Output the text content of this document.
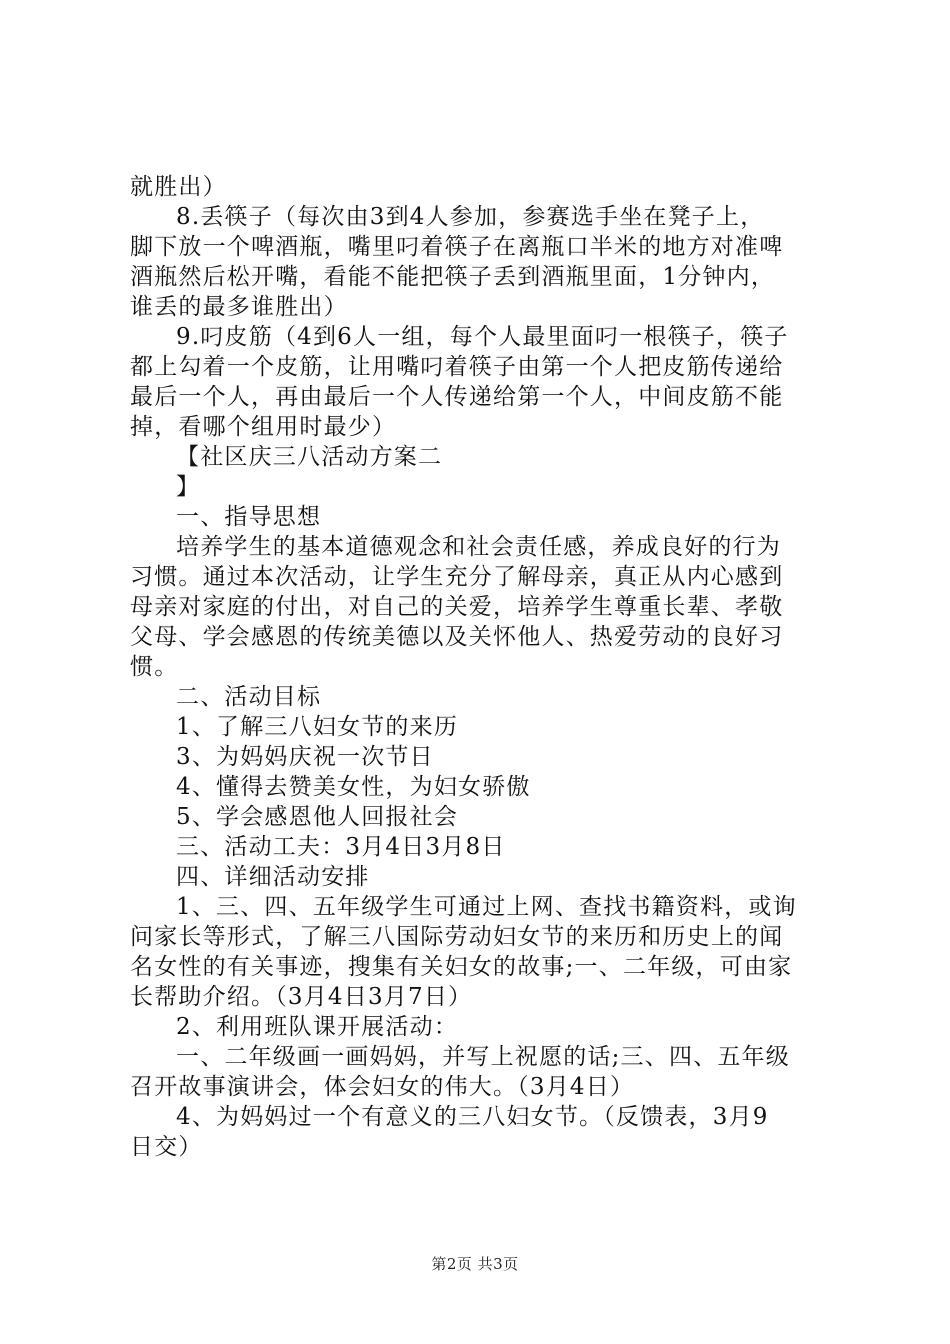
就胜出）
8.丢筷子（每次由3到4人参加，参赛选手坐在凳子上，
脚下放一个啤酒瓶，嘴里叼着筷子在离瓶口半米的地方对准啤
酒瓶然后松开嘴，看能不能把筷子丢到酒瓶里面，1分钟内，
谁丢的最多谁胜出）
9.叼皮筋（4到6人一组，每个人最里面叼一根筷子，筷子
都上勾着一个皮筋，让用嘴叼着筷子由第一个人把皮筋传递给
最后一个人，再由最后一个人传递给第一个人，中间皮筋不能
掉，看哪个组用时最少）
【社区庆三八活动方案二
】
一、指导思想
培养学生的基本道德观念和社会责任感，养成良好的行为
习惯。通过本次活动，让学生充分了解母亲，真正从内心感到
母亲对家庭的付出，对自己的关爱，培养学生尊重长辈、孝敬
父母、学会感恩的传统美德以及关怀他人、热爱劳动的良好习
惯。
二、活动目标
1、了解三八妇女节的来历
3、为妈妈庆祝一次节日
4、懂得去赞美女性，为妇女骄傲
5、学会感恩他人回报社会
三、活动工夫：3月4日3月8日
四、详细活动安排
1、三、四、五年级学生可通过上网、查找书籍资料，或询
问家长等形式，了解三八国际劳动妇女节的来历和历史上的闻
名女性的有关事迹，搜集有关妇女的故事;一、二年级，可由家
长帮助介绍。（3月4日3月7日）
2、利用班队课开展活动：
一、二年级画一画妈妈，并写上祝愿的话;三、四、五年级
召开故事演讲会，体会妇女的伟大。（3月4日）
4、为妈妈过一个有意义的三八妇女节。（反馈表，3月9
日交）
第2页 共3页
